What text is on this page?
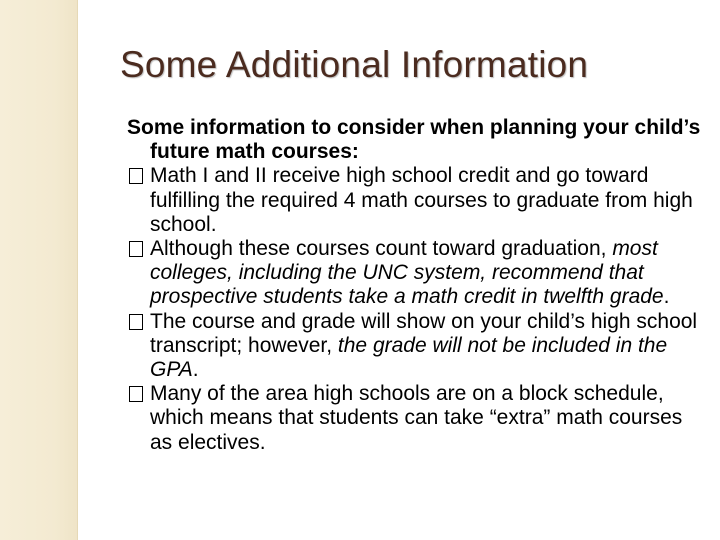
Some Additional Information

Some information to consider when planning your child’s future math courses:

Math I and II receive high school credit and go toward fulfilling the required 4 math courses to graduate from high school.
Although these courses count toward graduation, most colleges, including the UNC system, recommend that prospective students take a math credit in twelfth grade.
The course and grade will show on your child’s high school transcript; however, the grade will not be included in the GPA.
Many of the area high schools are on a block schedule, which means that students can take “extra” math courses as electives.
